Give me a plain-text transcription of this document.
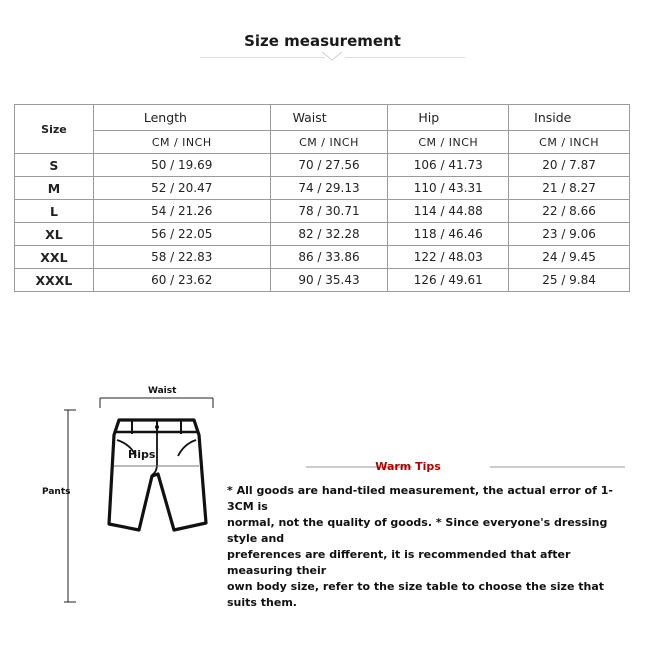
Size measurement
Size	Length	Waist	Hip	Inside
	CM / INCH	CM / INCH	CM / INCH	CM / INCH
S	50 / 19.69	70 / 27.56	106 / 41.73	20 / 7.87
M	52 / 20.47	74 / 29.13	110 / 43.31	21 / 8.27
L	54 / 21.26	78 / 30.71	114 / 44.88	22 / 8.66
XL	56 / 22.05	82 / 32.28	118 / 46.46	23 / 9.06
XXL	58 / 22.83	86 / 33.86	122 / 48.03	24 / 9.45
XXXL	60 / 23.62	90 / 35.43	126 / 49.61	25 / 9.84
Waist
Pants
Hips
Warm Tips
* All goods are hand-tiled measurement, the actual error of 1-3CM is
normal, not the quality of goods. * Since everyone's dressing style and
preferences are different, it is recommended that after measuring their
own body size, refer to the size table to choose the size that suits them.
